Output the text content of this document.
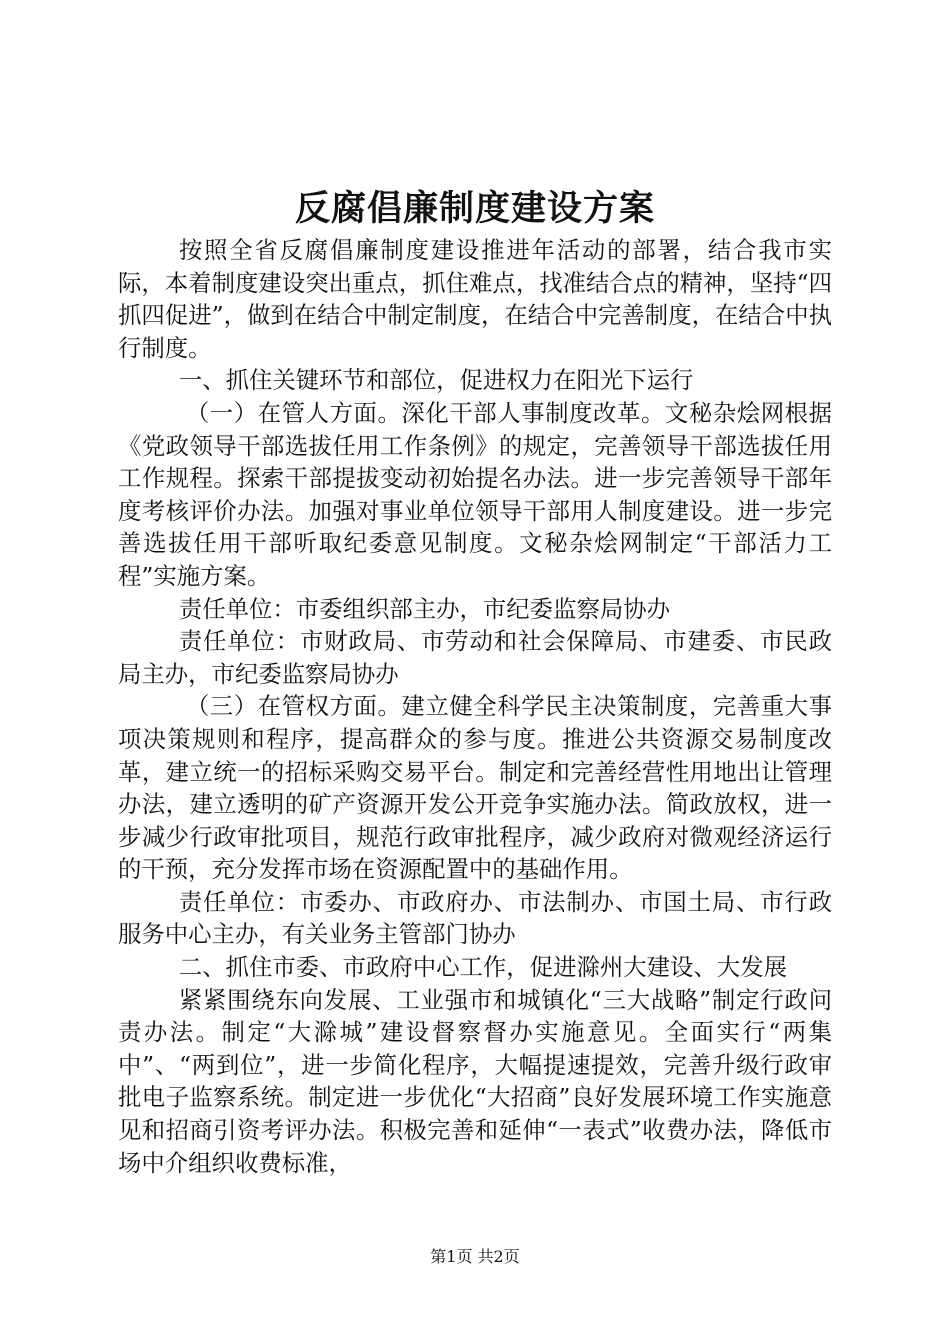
反腐倡廉制度建设方案

按照全省反腐倡廉制度建设推进年活动的部署，结合我市实际，本着制度建设突出重点，抓住难点，找准结合点的精神，坚持“四抓四促进”，做到在结合中制定制度，在结合中完善制度，在结合中执行制度。

一、抓住关键环节和部位，促进权力在阳光下运行

（一）在管人方面。深化干部人事制度改革。文秘杂烩网根据《党政领导干部选拔任用工作条例》的规定，完善领导干部选拔任用工作规程。探索干部提拔变动初始提名办法。进一步完善领导干部年度考核评价办法。加强对事业单位领导干部用人制度建设。进一步完善选拔任用干部听取纪委意见制度。文秘杂烩网制定“干部活力工程”实施方案。

责任单位：市委组织部主办，市纪委监察局协办

责任单位：市财政局、市劳动和社会保障局、市建委、市民政局主办，市纪委监察局协办

（三）在管权方面。建立健全科学民主决策制度，完善重大事项决策规则和程序，提高群众的参与度。推进公共资源交易制度改革，建立统一的招标采购交易平台。制定和完善经营性用地出让管理办法，建立透明的矿产资源开发公开竞争实施办法。简政放权，进一步减少行政审批项目，规范行政审批程序，减少政府对微观经济运行的干预，充分发挥市场在资源配置中的基础作用。

责任单位：市委办、市政府办、市法制办、市国土局、市行政服务中心主办，有关业务主管部门协办

二、抓住市委、市政府中心工作，促进滁州大建设、大发展

紧紧围绕东向发展、工业强市和城镇化“三大战略”制定行政问责办法。制定“大滁城”建设督察督办实施意见。全面实行“两集中”、“两到位”，进一步简化程序，大幅提速提效，完善升级行政审批电子监察系统。制定进一步优化“大招商”良好发展环境工作实施意见和招商引资考评办法。积极完善和延伸“一表式”收费办法，降低市场中介组织收费标准，

第1页 共2页
